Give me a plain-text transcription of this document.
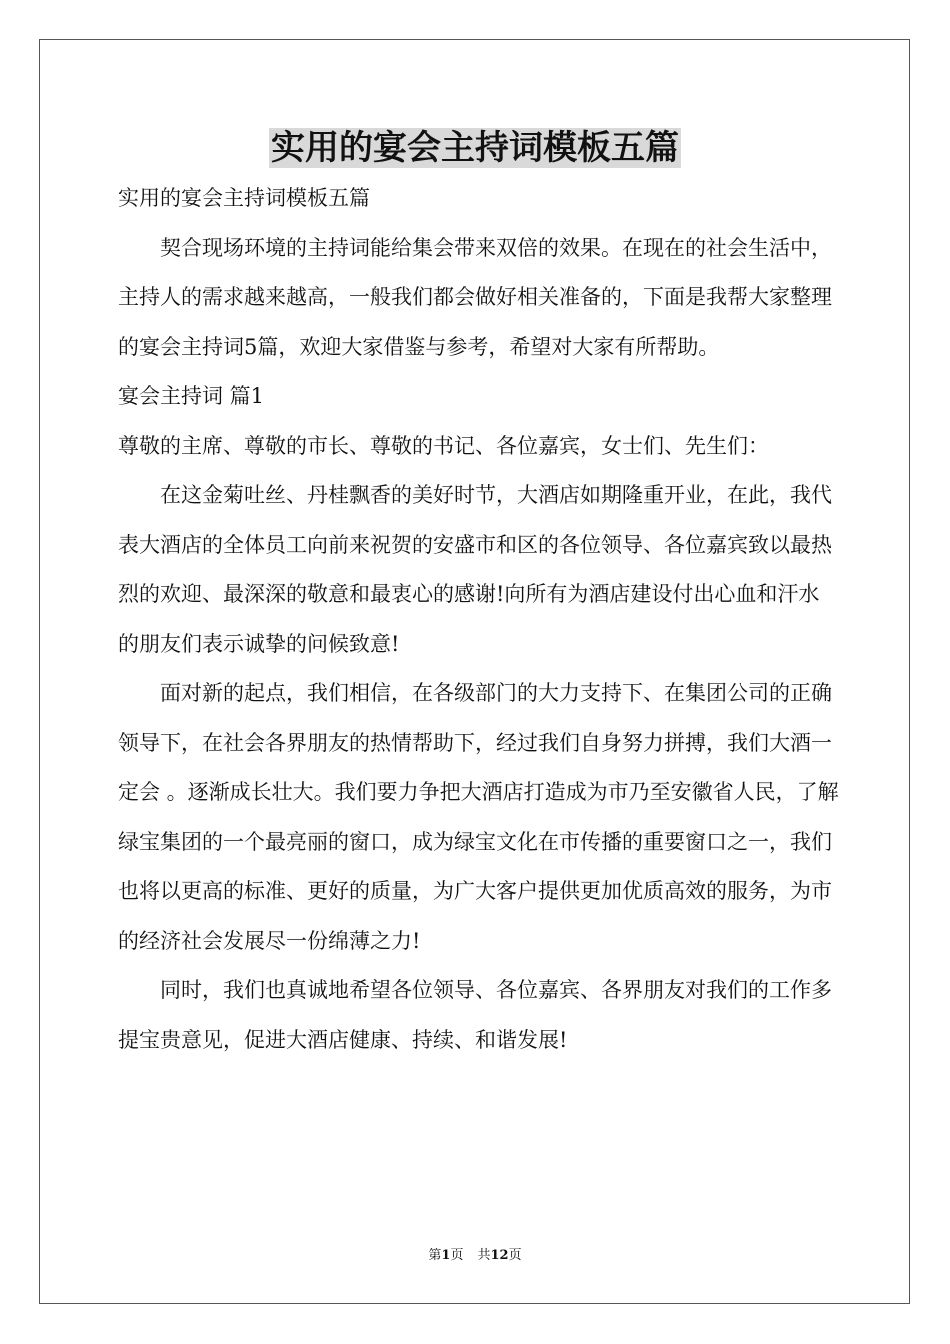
实用的宴会主持词模板五篇

实用的宴会主持词模板五篇

契合现场环境的主持词能给集会带来双倍的效果。在现在的社会生活中，主持人的需求越来越高，一般我们都会做好相关准备的，下面是我帮大家整理的宴会主持词5篇，欢迎大家借鉴与参考，希望对大家有所帮助。

宴会主持词 篇1

尊敬的主席、尊敬的市长、尊敬的书记、各位嘉宾，女士们、先生们：

在这金菊吐丝、丹桂飘香的美好时节，大酒店如期隆重开业，在此，我代表大酒店的全体员工向前来祝贺的安盛市和区的各位领导、各位嘉宾致以最热烈的欢迎、最深深的敬意和最衷心的感谢!向所有为酒店建设付出心血和汗水的朋友们表示诚挚的问候致意!

面对新的起点，我们相信，在各级部门的大力支持下、在集团公司的正确领导下，在社会各界朋友的热情帮助下，经过我们自身努力拼搏，我们大酒一定会 。逐渐成长壮大。我们要力争把大酒店打造成为市乃至安徽省人民，了解绿宝集团的一个最亮丽的窗口，成为绿宝文化在市传播的重要窗口之一，我们也将以更高的标准、更好的质量，为广大客户提供更加优质高效的服务，为市的经济社会发展尽一份绵薄之力!

同时，我们也真诚地希望各位领导、各位嘉宾、各界朋友对我们的工作多提宝贵意见，促进大酒店健康、持续、和谐发展!

第1页 共12页
